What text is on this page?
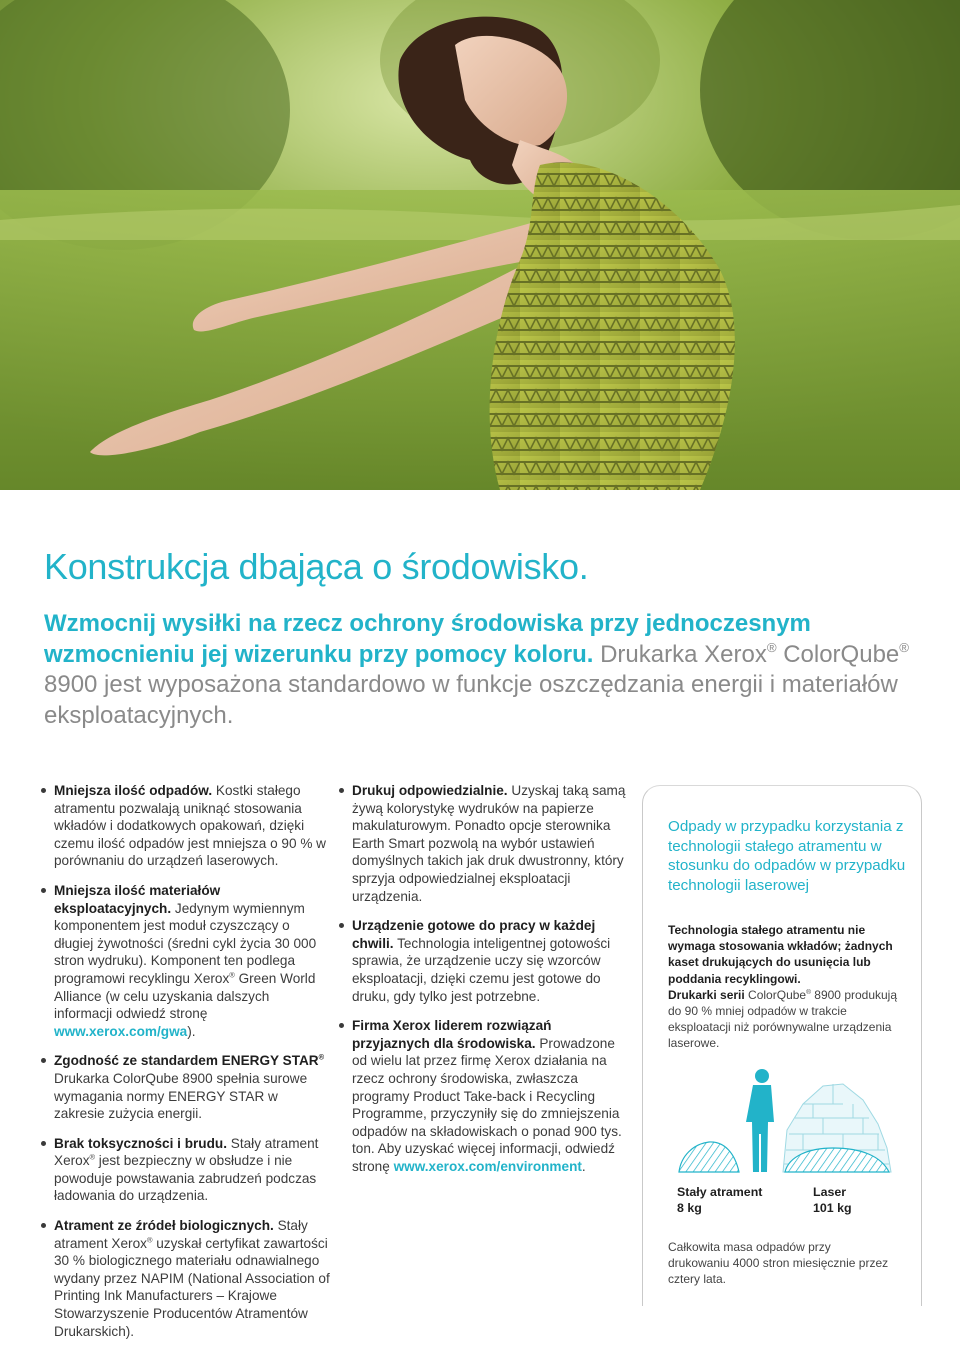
Konstrukcja dbająca o środowisko.

Wzmocnij wysiłki na rzecz ochrony środowiska przy jednoczesnym wzmocnieniu jej wizerunku przy pomocy koloru. Drukarka Xerox® ColorQube® 8900 jest wyposażona standardowo w funkcje oszczędzania energii i materiałów eksploatacyjnych.

Mniejsza ilość odpadów. Kostki stałego atramentu pozwalają uniknąć stosowania wkładów i dodatkowych opakowań, dzięki czemu ilość odpadów jest mniejsza o 90 % w porównaniu do urządzeń laserowych.

Mniejsza ilość materiałów eksploatacyjnych. Jedynym wymiennym komponentem jest moduł czyszczący o długiej żywotności (średni cykl życia 30 000 stron wydruku). Komponent ten podlega programowi recyklingu Xerox® Green World Alliance (w celu uzyskania dalszych informacji odwiedź stronę www.xerox.com/gwa).

Zgodność ze standardem ENERGY STAR® Drukarka ColorQube 8900 spełnia surowe wymagania normy ENERGY STAR w zakresie zużycia energii.

Brak toksyczności i brudu. Stały atrament Xerox® jest bezpieczny w obsłudze i nie powoduje powstawania zabrudzeń podczas ładowania do urządzenia.

Atrament ze źródeł biologicznych. Stały atrament Xerox® uzyskał certyfikat zawartości 30 % biologicznego materiału odnawialnego wydany przez NAPIM (National Association of Printing Ink Manufacturers – Krajowe Stowarzyszenie Producentów Atramentów Drukarskich).

Drukuj odpowiedzialnie. Uzyskaj taką samą żywą kolorystykę wydruków na papierze makulaturowym. Ponadto opcje sterownika Earth Smart pozwolą na wybór ustawień domyślnych takich jak druk dwustronny, który sprzyja odpowiedzialnej eksploatacji urządzenia.

Urządzenie gotowe do pracy w każdej chwili. Technologia inteligentnej gotowości sprawia, że urządzenie uczy się wzorców eksploatacji, dzięki czemu jest gotowe do druku, gdy tylko jest potrzebne.

Firma Xerox liderem rozwiązań przyjaznych dla środowiska. Prowadzone od wielu lat przez firmę Xerox działania na rzecz ochrony środowiska, zwłaszcza programy Product Take-back i Recycling Programme, przyczyniły się do zmniejszenia odpadów na składowiskach o ponad 900 tys. ton. Aby uzyskać więcej informacji, odwiedź stronę www.xerox.com/environment.

Odpady w przypadku korzystania z technologii stałego atramentu w stosunku do odpadów w przypadku technologii laserowej

Technologia stałego atramentu nie wymaga stosowania wkładów; żadnych kaset drukujących do usunięcia lub poddania recyklingowi.
Drukarki serii ColorQube® 8900 produkują do 90 % mniej odpadów w trakcie eksploatacji niż porównywalne urządzenia laserowe.

Stały atrament
8 kg
Laser
101 kg

Całkowita masa odpadów przy drukowaniu 4000 stron miesięcznie przez cztery lata.
